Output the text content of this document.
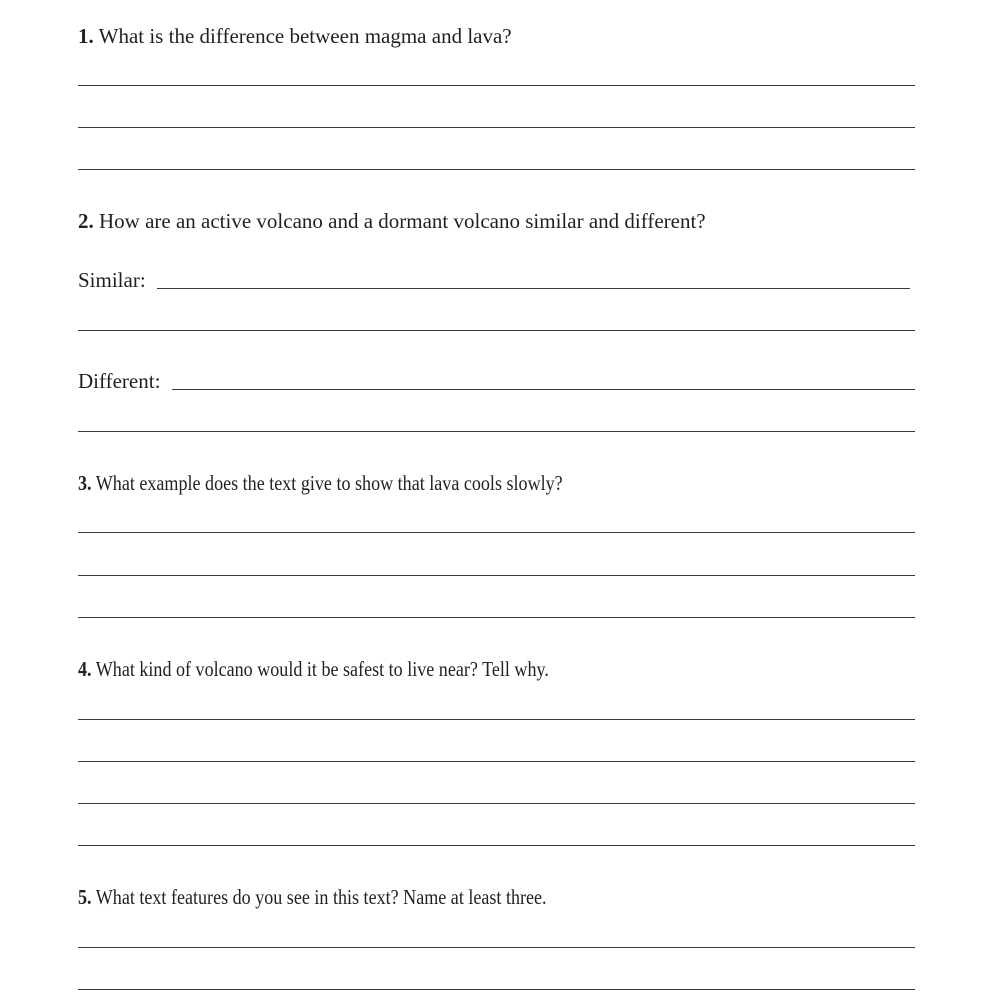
1. What is the difference between magma and lava?
2. How are an active volcano and a dormant volcano similar and different?
Similar:
Different:
3. What example does the text give to show that lava cools slowly?
4. What kind of volcano would it be safest to live near? Tell why.
5. What text features do you see in this text? Name at least three.
